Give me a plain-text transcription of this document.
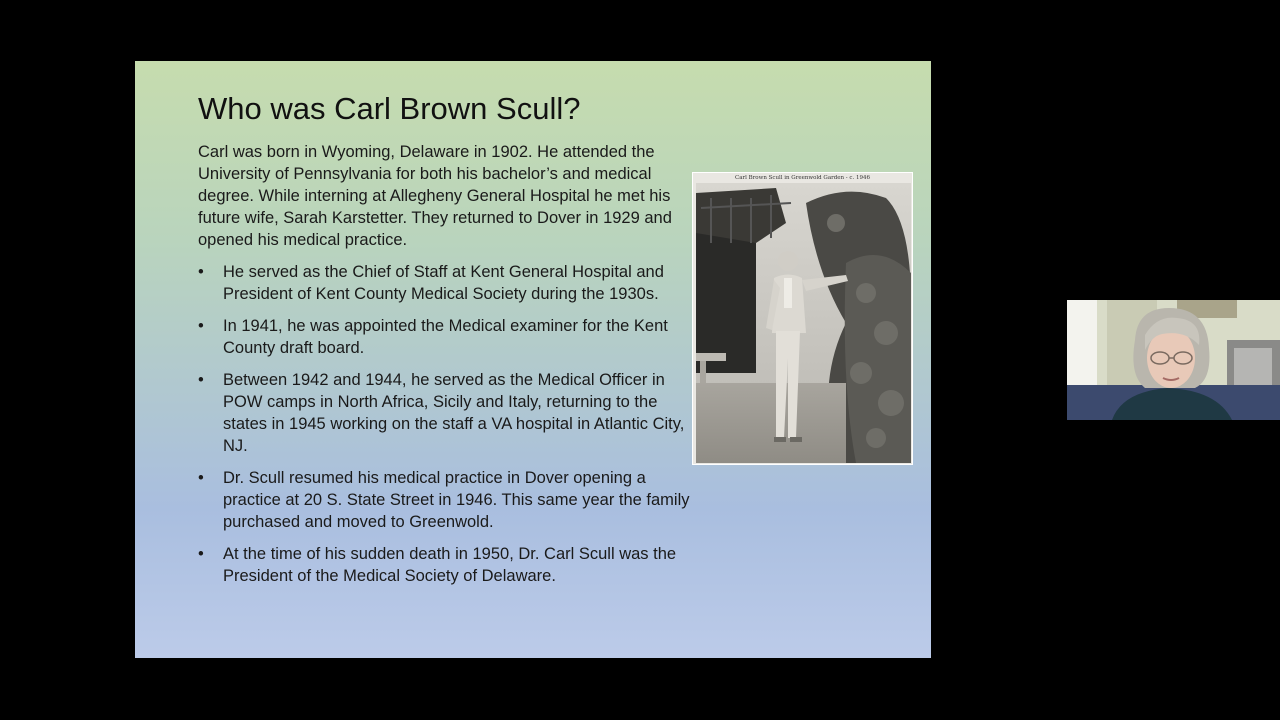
Who was Carl Brown Scull?

Carl was born in Wyoming, Delaware in 1902. He attended the University of Pennsylvania for both his bachelor’s and medical degree. While interning at Allegheny General Hospital he met his future wife, Sarah Karstetter. They returned to Dover in 1929 and opened his medical practice.

• He served as the Chief of Staff at Kent General Hospital and President of Kent County Medical Society during the 1930s.
• In 1941, he was appointed the Medical examiner for the Kent County draft board.
• Between 1942 and 1944, he served as the Medical Officer in POW camps in North Africa, Sicily and Italy, returning to the states in 1945 working on the staff a VA hospital in Atlantic City, NJ.
• Dr. Scull resumed his medical practice in Dover opening a practice at 20 S. State Street in 1946. This same year the family purchased and moved to Greenwold.
• At the time of his sudden death in 1950, Dr. Carl Scull was the President of the Medical Society of Delaware.
Carl Brown Scull in Greenwold Garden - c. 1946
